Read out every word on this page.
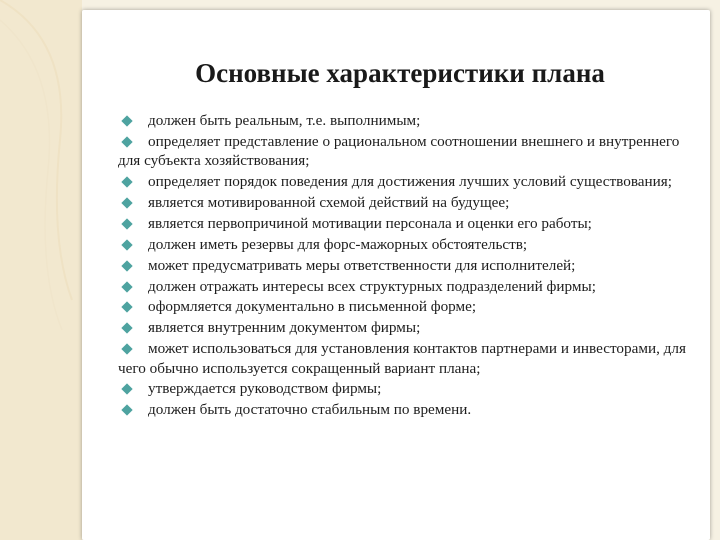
Основные характеристики плана
должен быть реальным, т.е. выполнимым;
определяет представление о рациональном соотношении внешнего и внутреннего для субъекта хозяйствования;
определяет порядок поведения для достижения лучших условий существования;
является мотивированной схемой действий на будущее;
является первопричиной мотивации персонала и оценки его работы;
должен иметь резервы для форс-мажорных обстоятельств;
может предусматривать меры ответственности для исполнителей;
должен отражать интересы всех структурных подразделений фирмы;
оформляется документально в письменной форме;
является внутренним документом фирмы;
может использоваться для установления контактов партнерами и инвесторами, для чего обычно используется сокращенный вариант плана;
утверждается руководством фирмы;
должен быть достаточно стабильным по времени.
